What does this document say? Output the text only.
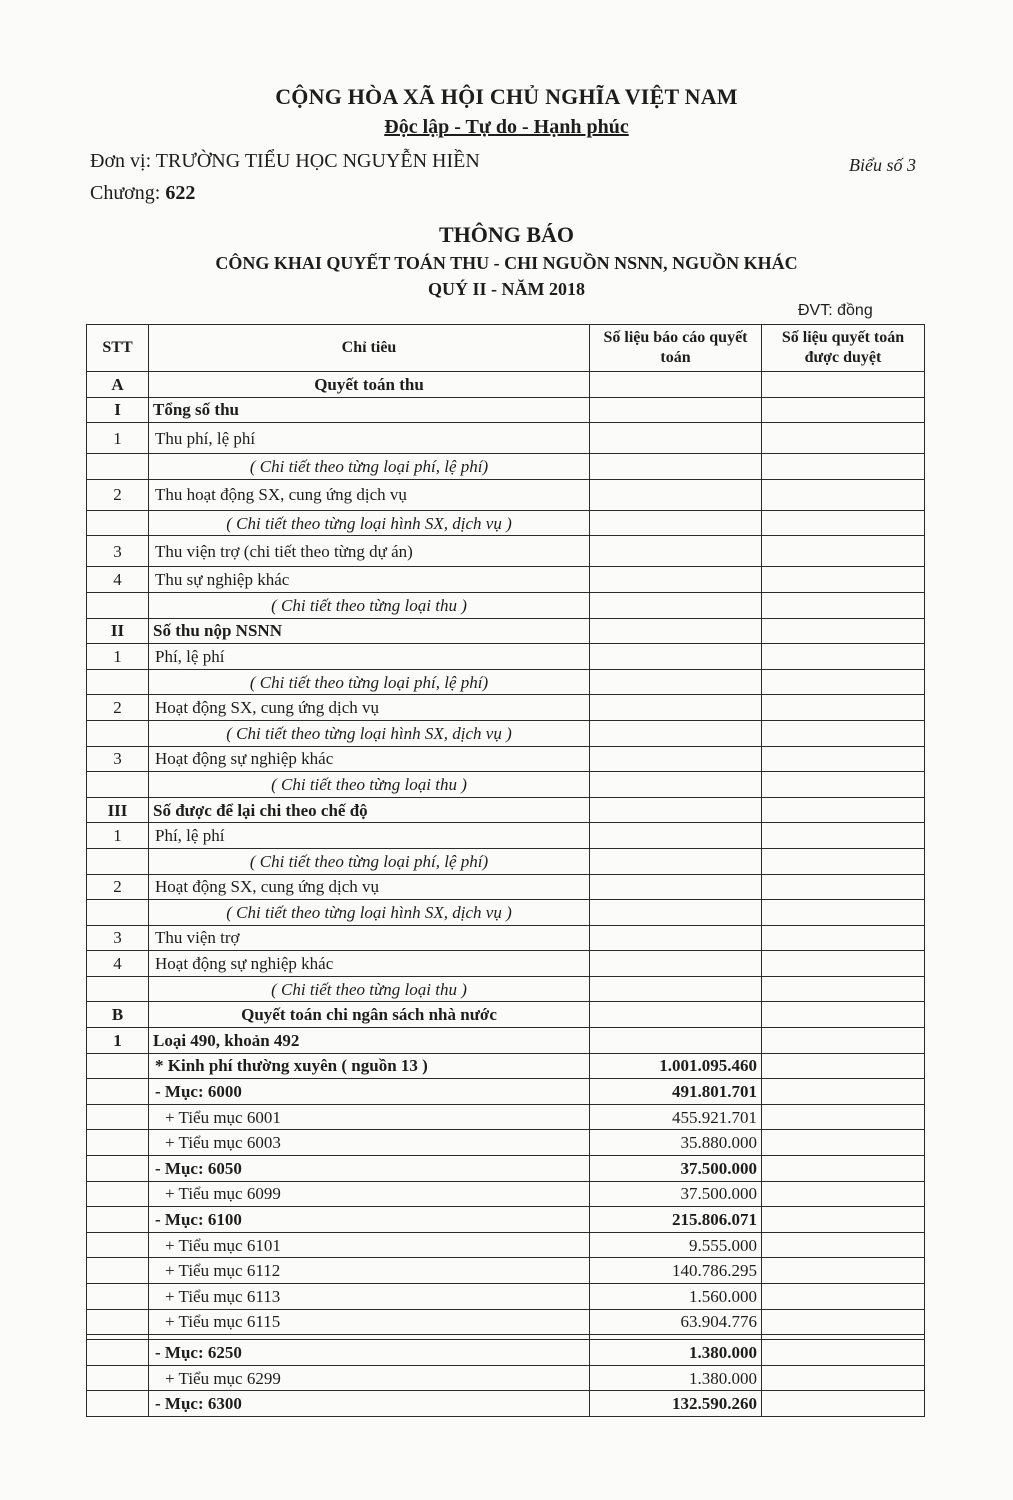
CỘNG HÒA XÃ HỘI CHỦ NGHĨA VIỆT NAM
Độc lập - Tự do - Hạnh phúc
Đơn vị: TRƯỜNG TIỂU HỌC NGUYỄN HIỀN	Biểu số 3
Chương: 622
THÔNG BÁO
CÔNG KHAI QUYẾT TOÁN THU - CHI NGUỒN NSNN, NGUỒN KHÁC
QUÝ II - NĂM 2018
ĐVT: đồng
STT	Chỉ tiêu	Số liệu báo cáo quyết toán	Số liệu quyết toán được duyệt
A	Quyết toán thu		
I	Tổng số thu		
1	Thu phí, lệ phí		
	( Chi tiết theo từng loại phí, lệ phí)		
2	Thu hoạt động SX, cung ứng dịch vụ		
	( Chi tiết theo từng loại hình SX, dịch vụ )		
3	Thu viện trợ (chi tiết theo từng dự án)		
4	Thu sự nghiệp khác		
	( Chi tiết theo từng loại thu )		
II	Số thu nộp NSNN		
1	Phí, lệ phí		
	( Chi tiết theo từng loại phí, lệ phí)		
2	Hoạt động SX, cung ứng dịch vụ		
	( Chi tiết theo từng loại hình SX, dịch vụ )		
3	Hoạt động sự nghiệp khác		
	( Chi tiết theo từng loại thu )		
III	Số được để lại chi theo chế độ		
1	Phí, lệ phí		
	( Chi tiết theo từng loại phí, lệ phí)		
2	Hoạt động SX, cung ứng dịch vụ		
	( Chi tiết theo từng loại hình SX, dịch vụ )		
3	Thu viện trợ		
4	Hoạt động sự nghiệp khác		
	( Chi tiết theo từng loại thu )		
B	Quyết toán chi ngân sách nhà nước		
1	Loại 490, khoản 492		
	* Kinh phí thường xuyên ( nguồn 13 )	1.001.095.460	
	- Mục: 6000	491.801.701	
	+ Tiểu mục 6001	455.921.701	
	+ Tiểu mục 6003	35.880.000	
	- Mục: 6050	37.500.000	
	+ Tiểu mục 6099	37.500.000	
	- Mục: 6100	215.806.071	
	+ Tiểu mục 6101	9.555.000	
	+ Tiểu mục 6112	140.786.295	
	+ Tiểu mục 6113	1.560.000	
	+ Tiểu mục 6115	63.904.776	

	- Mục: 6250	1.380.000	
	+ Tiểu mục 6299	1.380.000	
	- Mục: 6300	132.590.260	
